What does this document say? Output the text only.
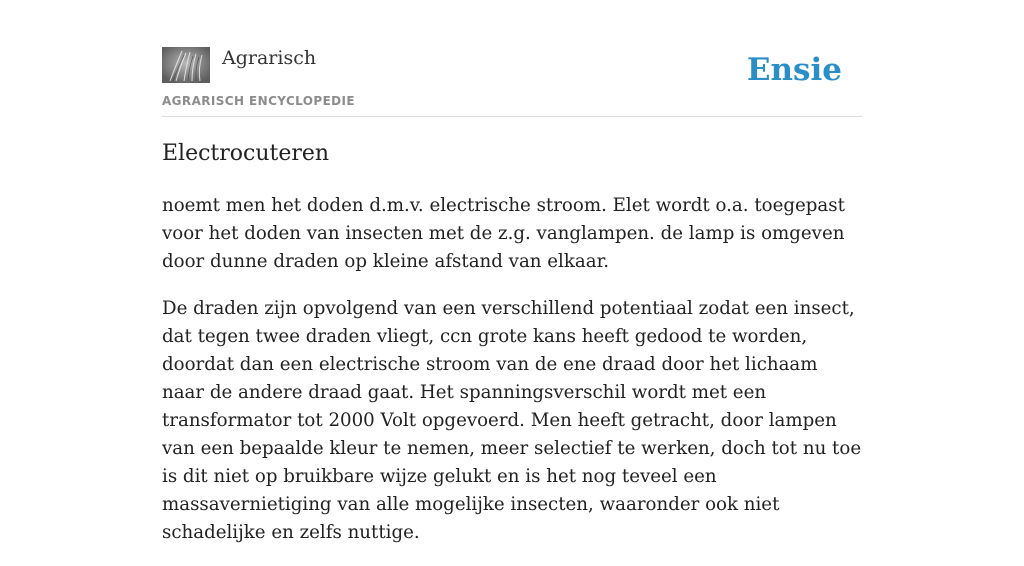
Agrarisch
AGRARISCH ENCYCLOPEDIE
Ensie
Electrocuteren

noemt men het doden d.m.v. electrische stroom. Elet wordt o.a. toegepast voor het doden van insecten met de z.g. vanglampen. de lamp is omgeven door dunne draden op kleine afstand van elkaar.

De draden zijn opvolgend van een verschillend potentiaal zodat een insect, dat tegen twee draden vliegt, ccn grote kans heeft gedood te worden, doordat dan een electrische stroom van de ene draad door het lichaam naar de andere draad gaat. Het spanningsverschil wordt met een transformator tot 2000 Volt opgevoerd. Men heeft getracht, door lampen van een bepaalde kleur te nemen, meer selectief te werken, doch tot nu toe is dit niet op bruikbare wijze gelukt en is het nog teveel een massavernietiging van alle mogelijke insecten, waaronder ook niet schadelijke en zelfs nuttige.
